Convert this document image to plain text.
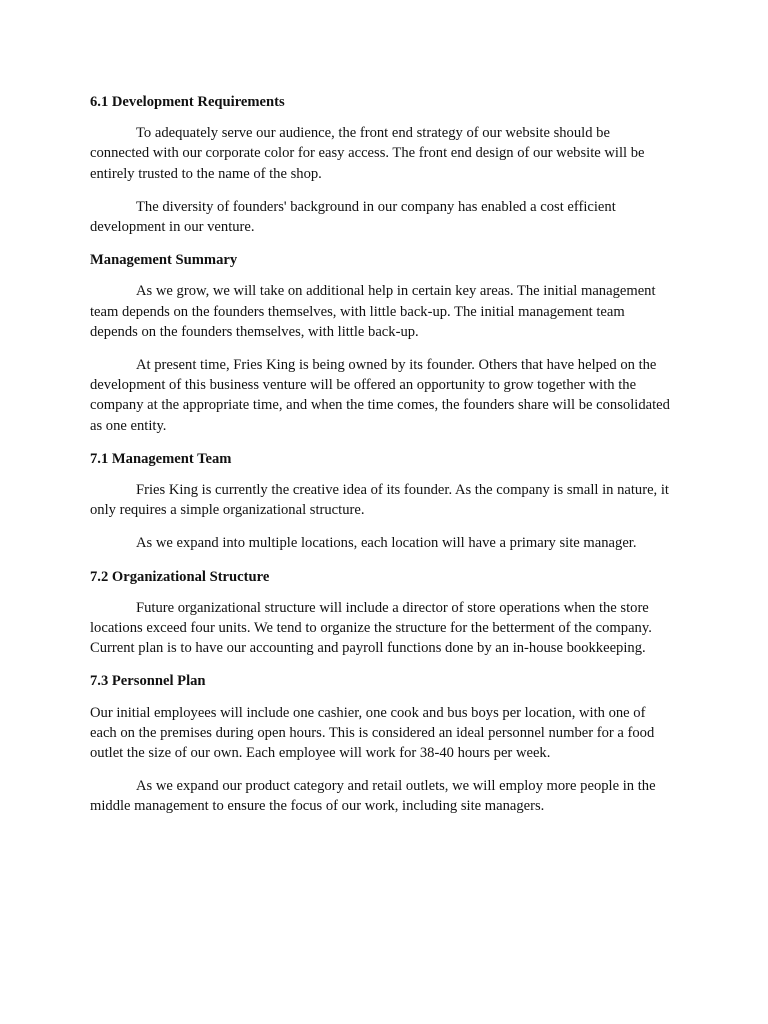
6.1 Development Requirements

To adequately serve our audience, the front end strategy of our website should be connected with our corporate color for easy access. The front end design of our website will be entirely trusted to the name of the shop.

The diversity of founders' background in our company has enabled a cost efficient development in our venture.

Management Summary

As we grow, we will take on additional help in certain key areas. The initial management team depends on the founders themselves, with little back-up. The initial management team depends on the founders themselves, with little back-up.

At present time, Fries King is being owned by its founder. Others that have helped on the development of this business venture will be offered an opportunity to grow together with the company at the appropriate time, and when the time comes, the founders share will be consolidated as one entity.

7.1 Management Team

Fries King is currently the creative idea of its founder. As the company is small in nature, it only requires a simple organizational structure.

As we expand into multiple locations, each location will have a primary site manager.

7.2 Organizational Structure

Future organizational structure will include a director of store operations when the store locations exceed four units. We tend to organize the structure for the betterment of the company. Current plan is to have our accounting and payroll functions done by an in-house bookkeeping.

7.3 Personnel Plan

Our initial employees will include one cashier, one cook and bus boys per location, with one of each on the premises during open hours. This is considered an ideal personnel number for a food outlet the size of our own. Each employee will work for 38-40 hours per week.

As we expand our product category and retail outlets, we will employ more people in the middle management to ensure the focus of our work, including site managers.
